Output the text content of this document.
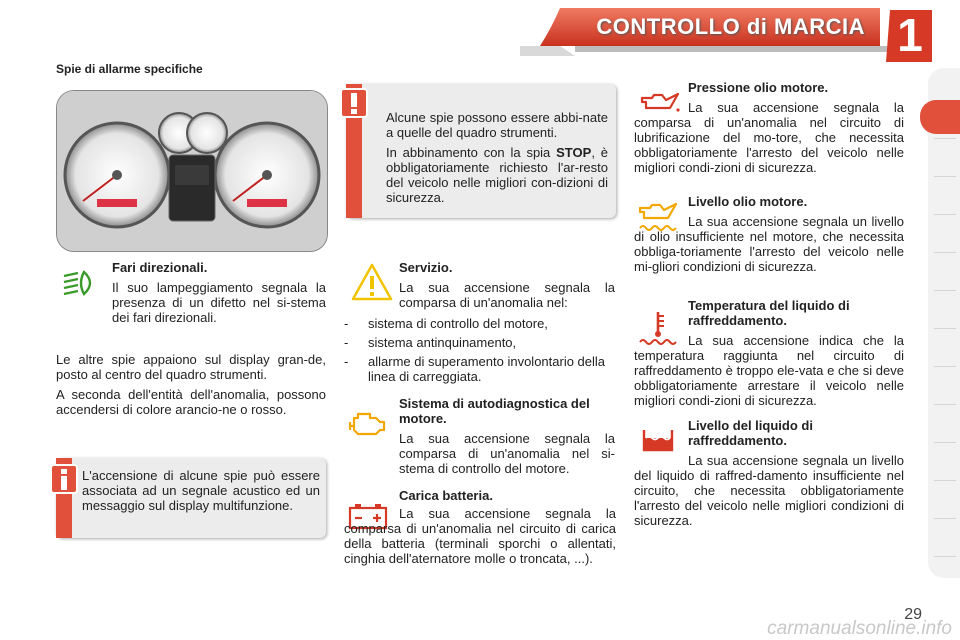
CONTROLLO di MARCIA 1
Spie di allarme specifiche

Alcune spie possono essere abbi-nate a quelle del quadro strumenti.

In abbinamento con la spia STOP, è obbligatoriamente richiesto l'ar-resto del veicolo nelle migliori con-dizioni di sicurezza.

Fari direzionali.

Il suo lampeggiamento segnala la presenza di un difetto nel si-stema dei fari direzionali.

Le altre spie appaiono sul display gran-de, posto al centro del quadro strumenti.

A seconda dell'entità dell'anomalia, possono accendersi di colore arancio-ne o rosso.

L'accensione di alcune spie può essere associata ad un segnale acustico ed un messaggio sul display multifunzione.

Servizio.

La sua accensione segnala la comparsa di un'anomalia nel:

-	sistema di controllo del motore,

-	sistema antinquinamento,

-	allarme di superamento involontario della linea di carreggiata.

Sistema di autodiagnostica del motore.

La sua accensione segnala la comparsa di un'anomalia nel si-stema di controllo del motore.

Carica batteria.

La sua accensione segnala la comparsa di un'anomalia nel circuito di carica della batteria (terminali sporchi o allentati, cinghia dell'aternatore molle o troncata, ...).

Pressione olio motore.

La sua accensione segnala la comparsa di un'anomalia nel circuito di lubrificazione del mo-tore, che necessita obbligatoriamente l'arresto del veicolo nelle migliori condi-zioni di sicurezza.

Livello olio motore.

La sua accensione segnala un livello di olio insufficiente nel motore, che necessita obbliga-toriamente l'arresto del veicolo nelle mi-gliori condizioni di sicurezza.

Temperatura del liquido di raffreddamento.

La sua accensione indica che la temperatura raggiunta nel circuito di raffreddamento è troppo ele-vata e che si deve obbligatoriamente arrestare il veicolo nelle migliori condi-zioni di sicurezza.

Livello del liquido di raffreddamento.

La sua accensione segnala un livello del liquido di raffred-damento insufficiente nel circuito, che necessita obbligatoriamente l'arresto del veicolo nelle migliori condizioni di sicurezza.

29
carmanualsonline.info
